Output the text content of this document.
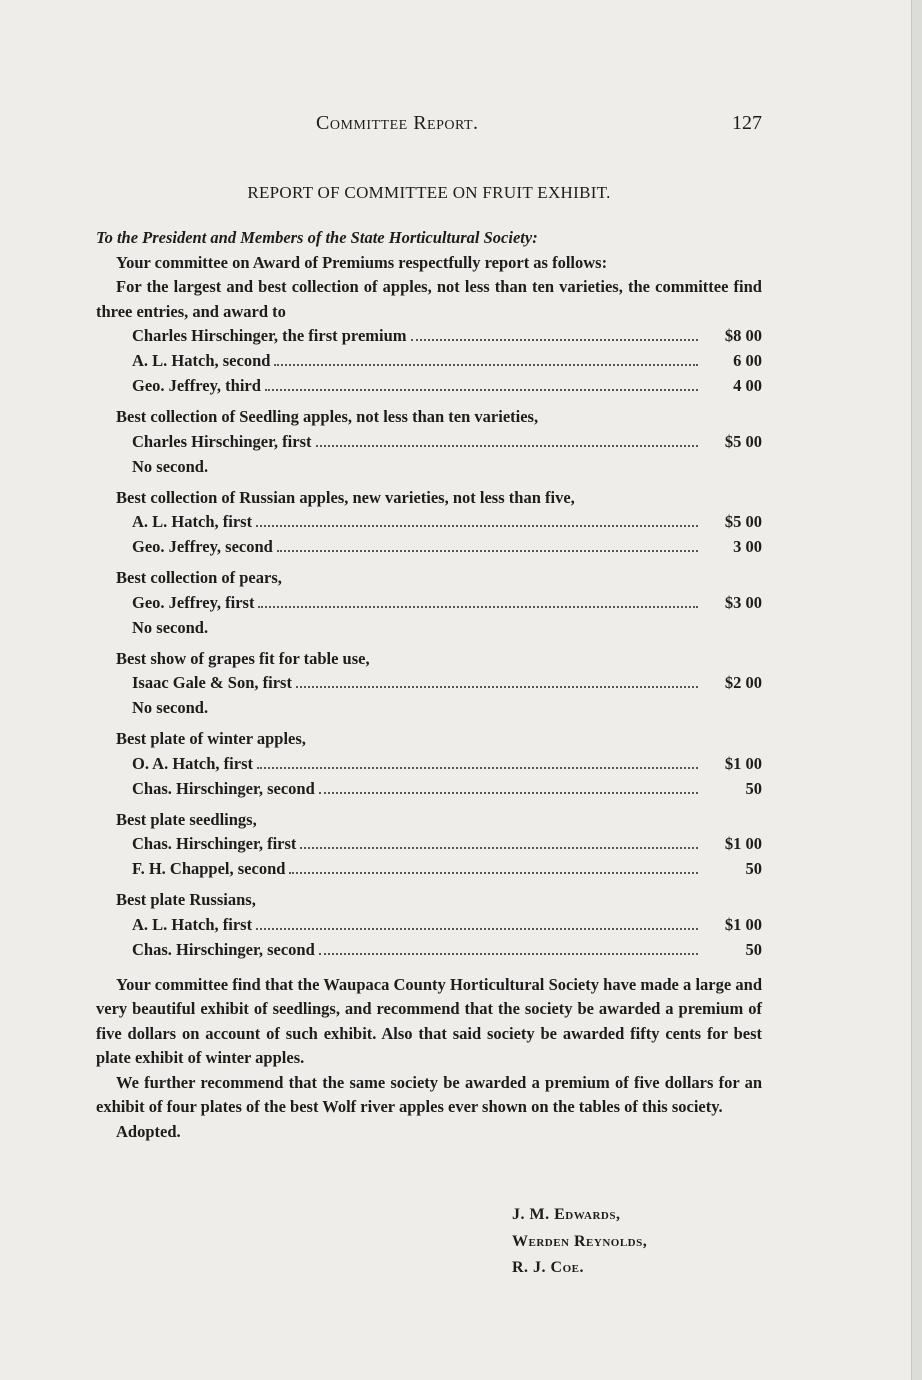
Committee Report.	127
REPORT OF COMMITTEE ON FRUIT EXHIBIT.

To the President and Members of the State Horticultural Society:

Your committee on Award of Premiums respectfully report as follows:

For the largest and best collection of apples, not less than ten varieties, the committee find three entries, and award to

Charles Hirschinger, the first premium	$8 00
A. L. Hatch, second	6 00
Geo. Jeffrey, third	4 00
Best collection of Seedling apples, not less than ten varieties,
Charles Hirschinger, first	$5 00
No second.
Best collection of Russian apples, new varieties, not less than five,
A. L. Hatch, first	$5 00
Geo. Jeffrey, second	3 00
Best collection of pears,
Geo. Jeffrey, first	$3 00
No second.
Best show of grapes fit for table use,
Isaac Gale & Son, first	$2 00
No second.
Best plate of winter apples,
O. A. Hatch, first	$1 00
Chas. Hirschinger, second	50
Best plate seedlings,
Chas. Hirschinger, first	$1 00
F. H. Chappel, second	50
Best plate Russians,
A. L. Hatch, first	$1 00
Chas. Hirschinger, second	50

Your committee find that the Waupaca County Horticultural Society have made a large and very beautiful exhibit of seedlings, and recommend that the society be awarded a premium of five dollars on account of such exhibit. Also that said society be awarded fifty cents for best plate exhibit of winter apples.

We further recommend that the same society be awarded a premium of five dollars for an exhibit of four plates of the best Wolf river apples ever shown on the tables of this society.

Adopted.

J. M. Edwards,
Werden Reynolds,
R. J. Coe.
